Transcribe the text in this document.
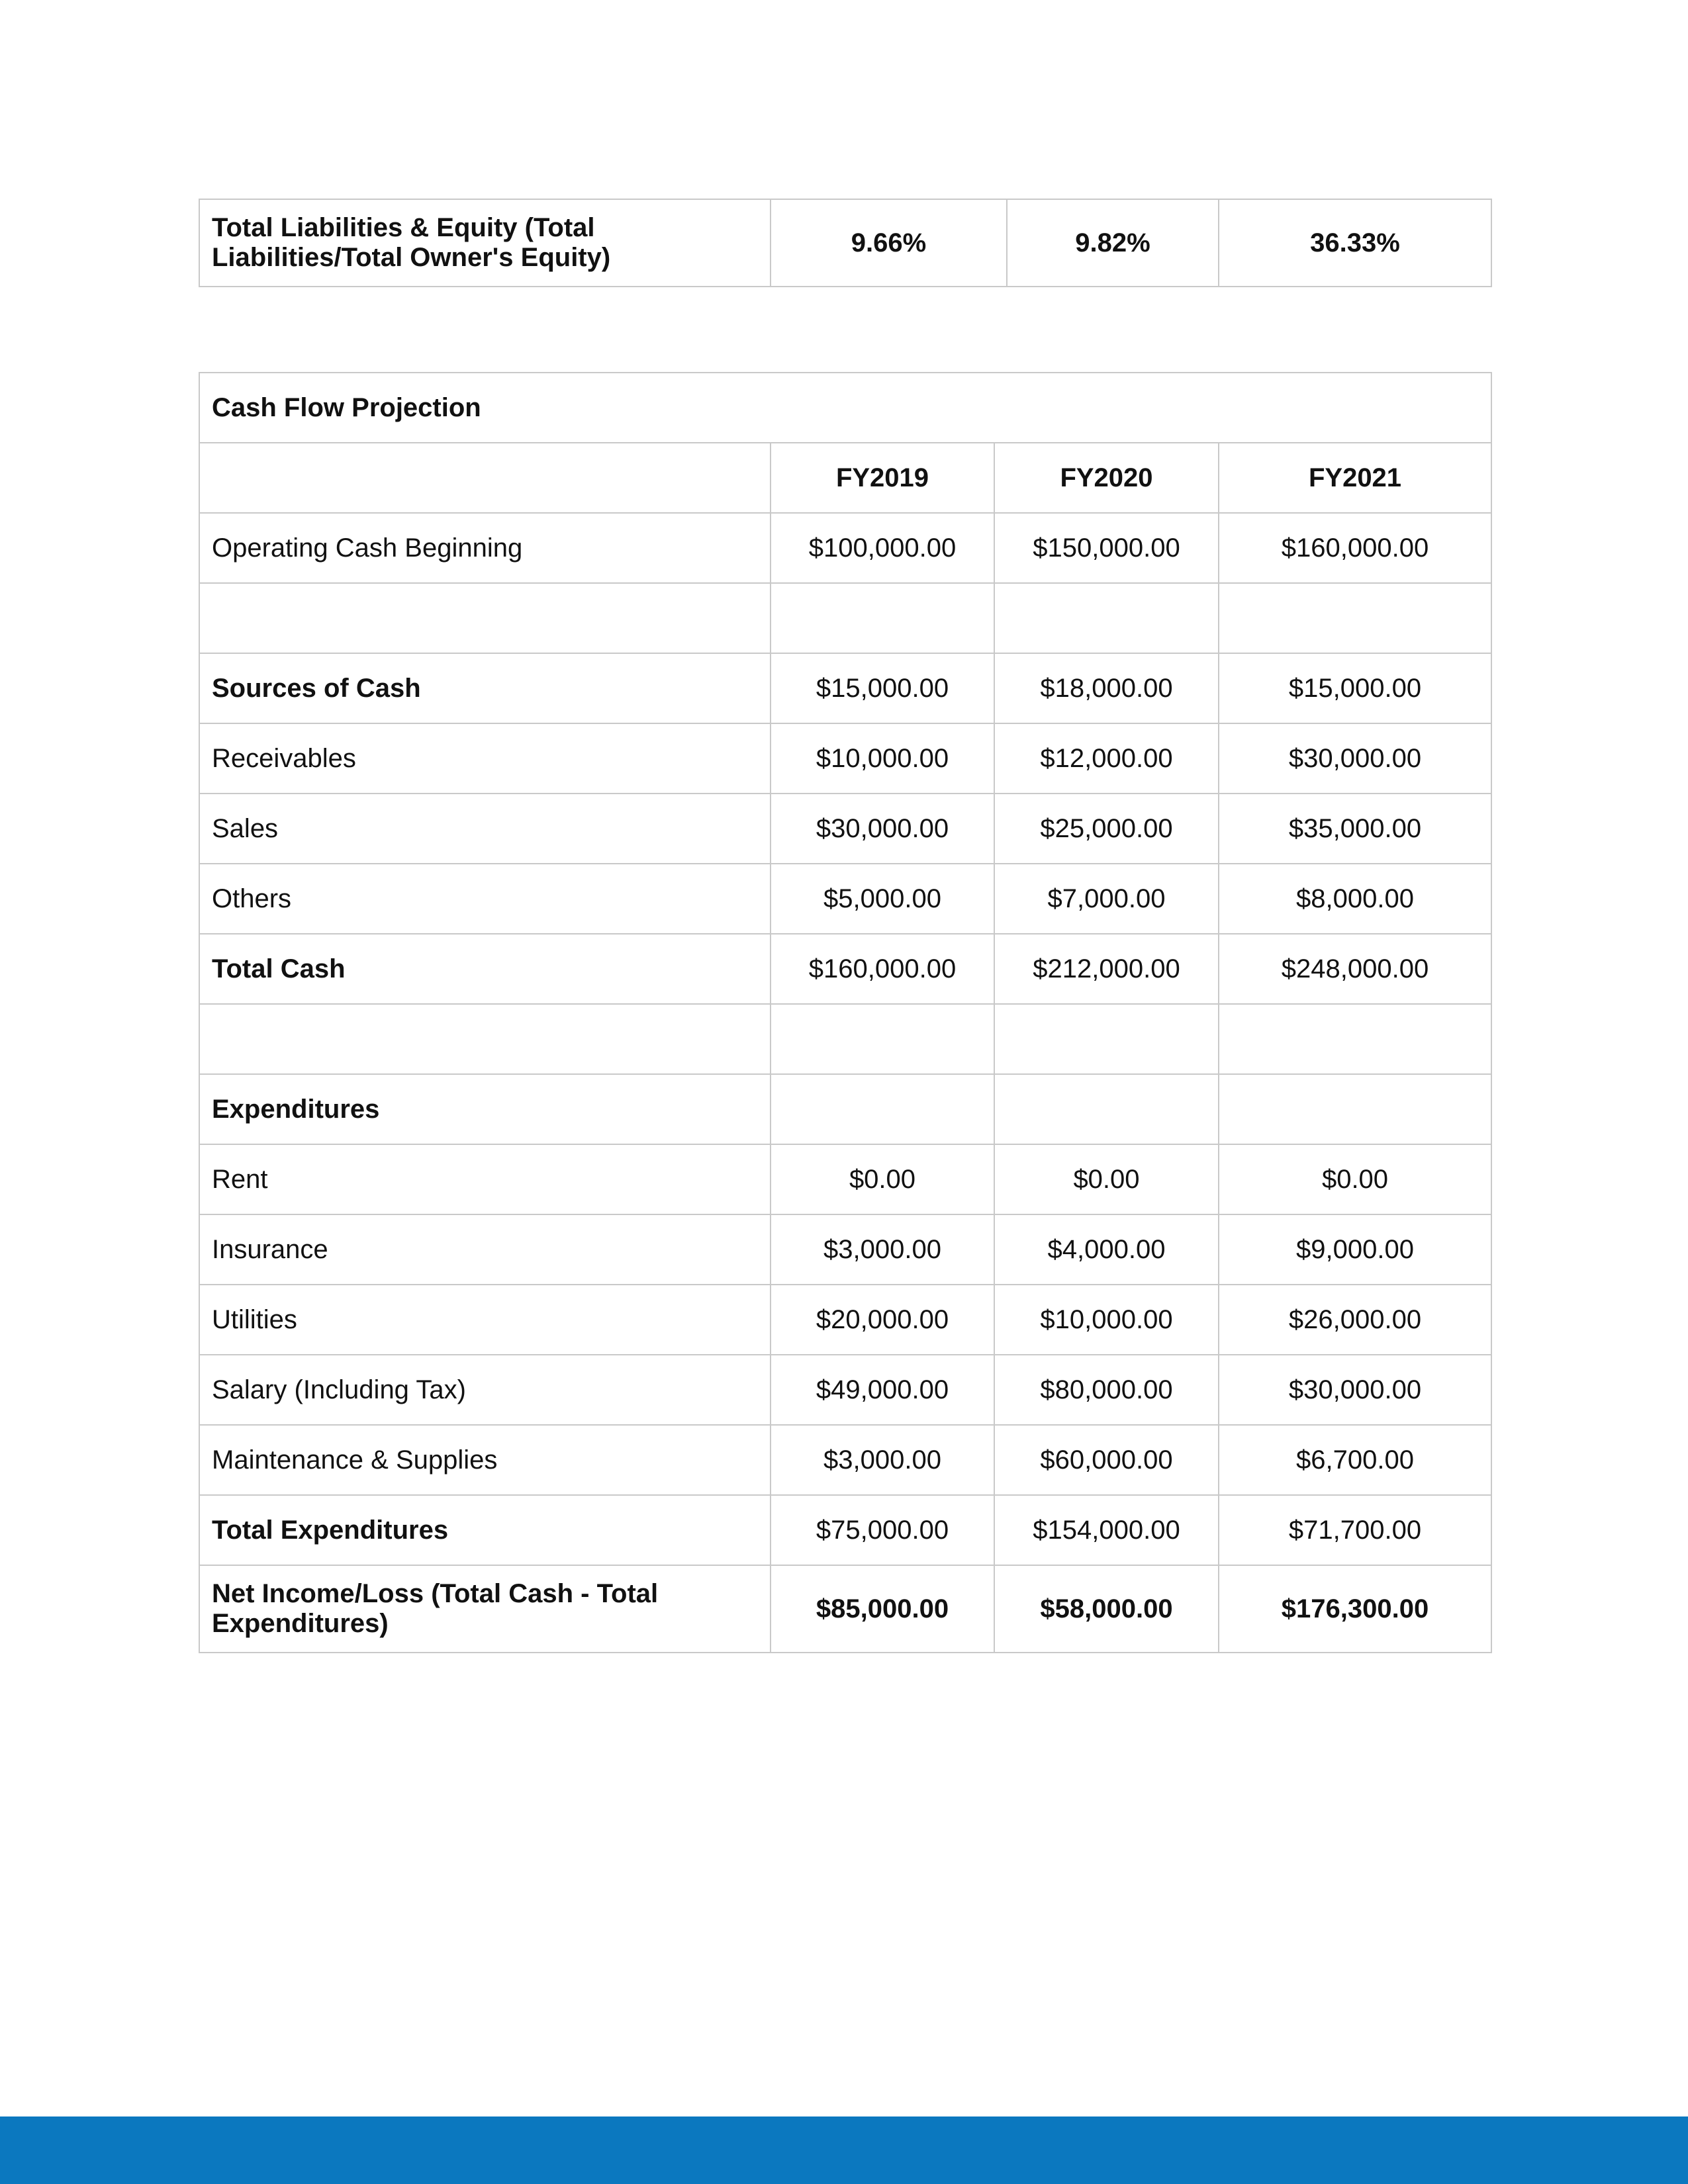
Total Liabilities & Equity (Total Liabilities/Total Owner's Equity)	9.66%	9.82%	36.33%
Cash Flow Projection			
	FY2019	FY2020	FY2021
Operating Cash Beginning	$100,000.00	$150,000.00	$160,000.00

Sources of Cash	$15,000.00	$18,000.00	$15,000.00
Receivables	$10,000.00	$12,000.00	$30,000.00
Sales	$30,000.00	$25,000.00	$35,000.00
Others	$5,000.00	$7,000.00	$8,000.00
Total Cash	$160,000.00	$212,000.00	$248,000.00

Expenditures			
Rent	$0.00	$0.00	$0.00
Insurance	$3,000.00	$4,000.00	$9,000.00
Utilities	$20,000.00	$10,000.00	$26,000.00
Salary (Including Tax)	$49,000.00	$80,000.00	$30,000.00
Maintenance & Supplies	$3,000.00	$60,000.00	$6,700.00
Total Expenditures	$75,000.00	$154,000.00	$71,700.00
Net Income/Loss (Total Cash - Total Expenditures)	$85,000.00	$58,000.00	$176,300.00
